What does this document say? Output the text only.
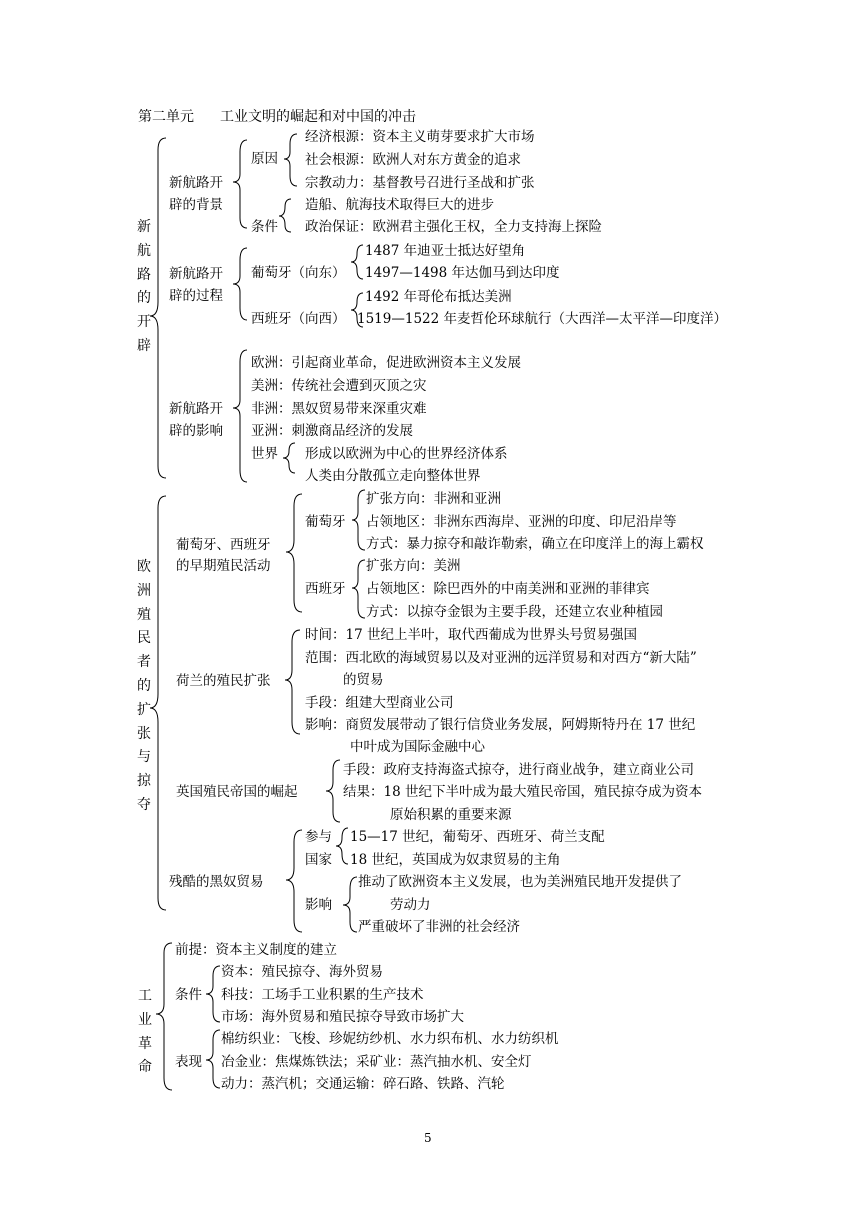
第二单元 工业文明的崛起和对中国的冲击
新航路的开辟
新航路开
辟的背景
原因
经济根源：资本主义萌芽要求扩大市场
社会根源：欧洲人对东方黄金的追求
宗教动力：基督教号召进行圣战和扩张
条件
造船、航海技术取得巨大的进步
政治保证：欧洲君主强化王权，全力支持海上探险
新航路开
辟的过程
葡萄牙（向东）
1487 年迪亚士抵达好望角
1497—1498 年达伽马到达印度
西班牙（向西）
1492 年哥伦布抵达美洲
1519—1522 年麦哲伦环球航行（大西洋—太平洋—印度洋）
新航路开
辟的影响
欧洲：引起商业革命，促进欧洲资本主义发展
美洲：传统社会遭到灭顶之灾
非洲：黑奴贸易带来深重灾难
亚洲：刺激商品经济的发展
世界 形成以欧洲为中心的世界经济体系
人类由分散孤立走向整体世界
欧洲殖民者的扩张与掠夺
葡萄牙、西班牙
的早期殖民活动
葡萄牙
扩张方向：非洲和亚洲
占领地区：非洲东西海岸、亚洲的印度、印尼沿岸等
方式：暴力掠夺和敲诈勒索，确立在印度洋上的海上霸权
西班牙
扩张方向：美洲
占领地区：除巴西外的中南美洲和亚洲的菲律宾
方式：以掠夺金银为主要手段，还建立农业种植园
荷兰的殖民扩张
时间：17 世纪上半叶，取代西葡成为世界头号贸易强国
范围：西北欧的海域贸易以及对亚洲的远洋贸易和对西方“新大陆”
的贸易
手段：组建大型商业公司
影响：商贸发展带动了银行信贷业务发展，阿姆斯特丹在 17 世纪
中叶成为国际金融中心
英国殖民帝国的崛起
手段：政府支持海盗式掠夺，进行商业战争，建立商业公司
结果：18 世纪下半叶成为最大殖民帝国，殖民掠夺成为资本
原始积累的重要来源
残酷的黑奴贸易
参与
国家
15—17 世纪，葡萄牙、西班牙、荷兰支配
18 世纪，英国成为奴隶贸易的主角
影响
推动了欧洲资本主义发展，也为美洲殖民地开发提供了
劳动力
严重破坏了非洲的社会经济
工业革命
前提：资本主义制度的建立
条件
资本：殖民掠夺、海外贸易
科技：工场手工业积累的生产技术
市场：海外贸易和殖民掠夺导致市场扩大
表现
棉纺织业：飞梭、珍妮纺纱机、水力织布机、水力纺织机
冶金业：焦煤炼铁法；采矿业：蒸汽抽水机、安全灯
动力：蒸汽机；交通运输：碎石路、铁路、汽轮
5
